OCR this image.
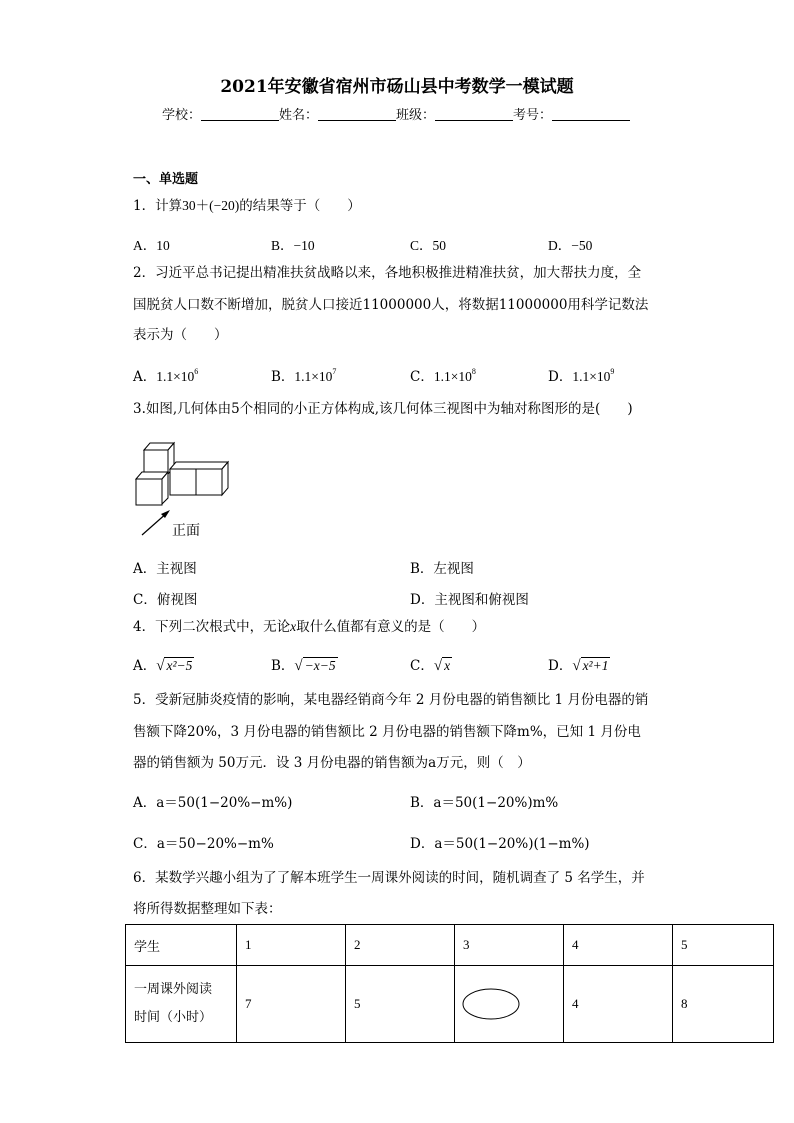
2021年安徽省宿州市砀山县中考数学一模试题
学校：	姓名：	班级：	考号：
一、单选题
1．计算30＋(−20)的结果等于（　　）
A．10	B．−10	C．50	D．−50
2．习近平总书记提出精准扶贫战略以来，各地积极推进精准扶贫，加大帮扶力度，全
国脱贫人口数不断增加，脱贫人口接近11000000人，将数据11000000用科学记数法
表示为（　　）
A．$1.1\times 10^6$	B．$1.1\times 10^7$	C．$1.1\times 10^8$	D．$1.1\times 10^9$
3.如图,几何体由5个相同的小正方体构成,该几何体三视图中为轴对称图形的是(　　)
正面
A．主视图	B．左视图
C．俯视图	D．主视图和俯视图
4．下列二次根式中，无论x取什么值都有意义的是（　　）
A．√ x²−5	B．√ −x−5	C．√ x	D．√ x²+1
5．受新冠肺炎疫情的影响，某电器经销商今年 2 月份电器的销售额比 1 月份电器的销
售额下降20%，3 月份电器的销售额比 2 月份电器的销售额下降m%，已知 1 月份电
器的销售额为 50万元．设 3 月份电器的销售额为a万元，则（　）
A．a＝50(1−20%−m%)	B．a＝50(1−20%)m%
C．a＝50−20%−m%	D．a＝50(1−20%)(1−m%)
6．某数学兴趣小组为了了解本班学生一周课外阅读的时间，随机调查了 5 名学生，并
将所得数据整理如下表：
学生	1	2	3	4	5

一周课外阅读
时间（小时）	7	5		4	8
